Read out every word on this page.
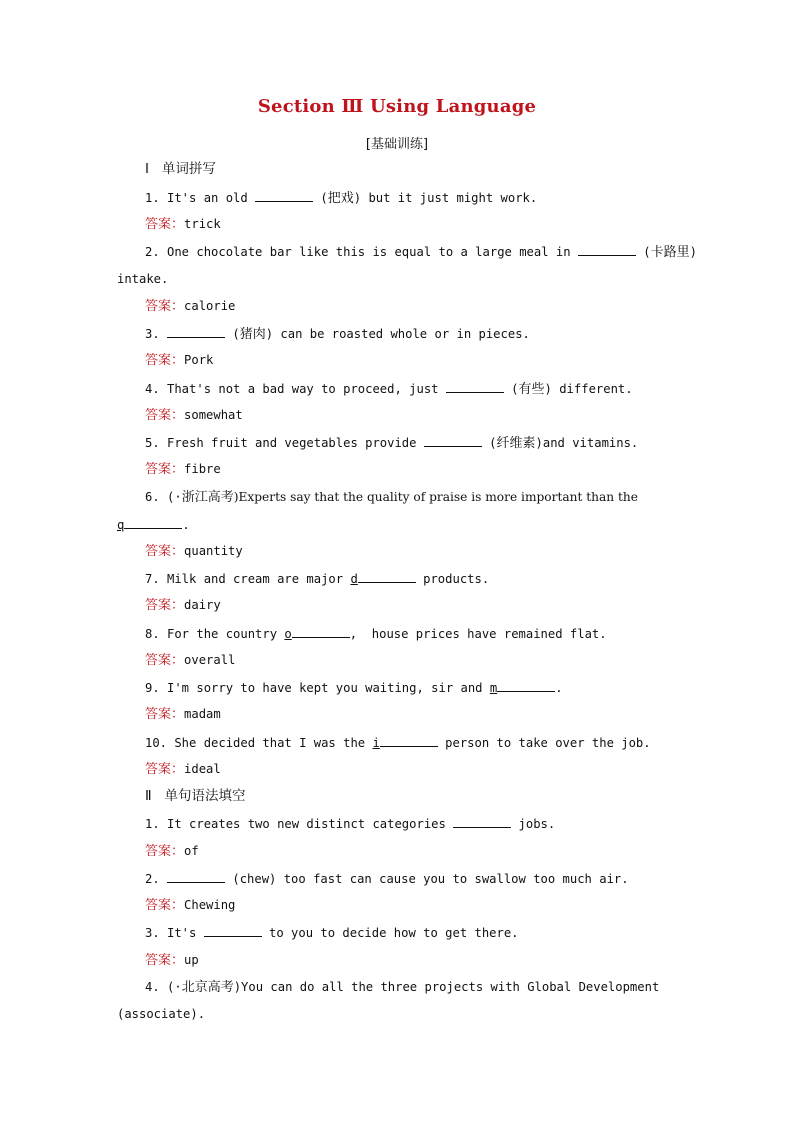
Section Ⅲ Using Language
[基础训练]
Ⅰ 单词拼写
1. It's an old	(把戏) but it just might work.
答案：trick
2. One chocolate bar like this is equal to a large meal in	(卡路里)
intake.
答案：calorie
3.	(猪肉) can be roasted whole or in pieces.
答案：Pork
4. That's not a bad way to proceed, just	(有些) different.
答案：somewhat
5. Fresh fruit and vegetables provide	(纤维素)and vitamins.
答案：fibre
6. (·浙江高考)Experts say that the quality of praise is more important than the
q	.
答案：quantity
7. Milk and cream are major d	products.
答案：dairy
8. For the country o	,  house prices have remained flat.
答案：overall
9. I'm sorry to have kept you waiting, sir and m	.
答案：madam
10. She decided that I was the i	person to take over the job.
答案：ideal
Ⅱ 单句语法填空
1. It creates two new distinct categories	jobs.
答案：of
2.	(chew) too fast can cause you to swallow too much air.
答案：Chewing
3. It's	to you to decide how to get there.
答案：up
4. (·北京高考)You can do all the three projects with Global Development
(associate).
